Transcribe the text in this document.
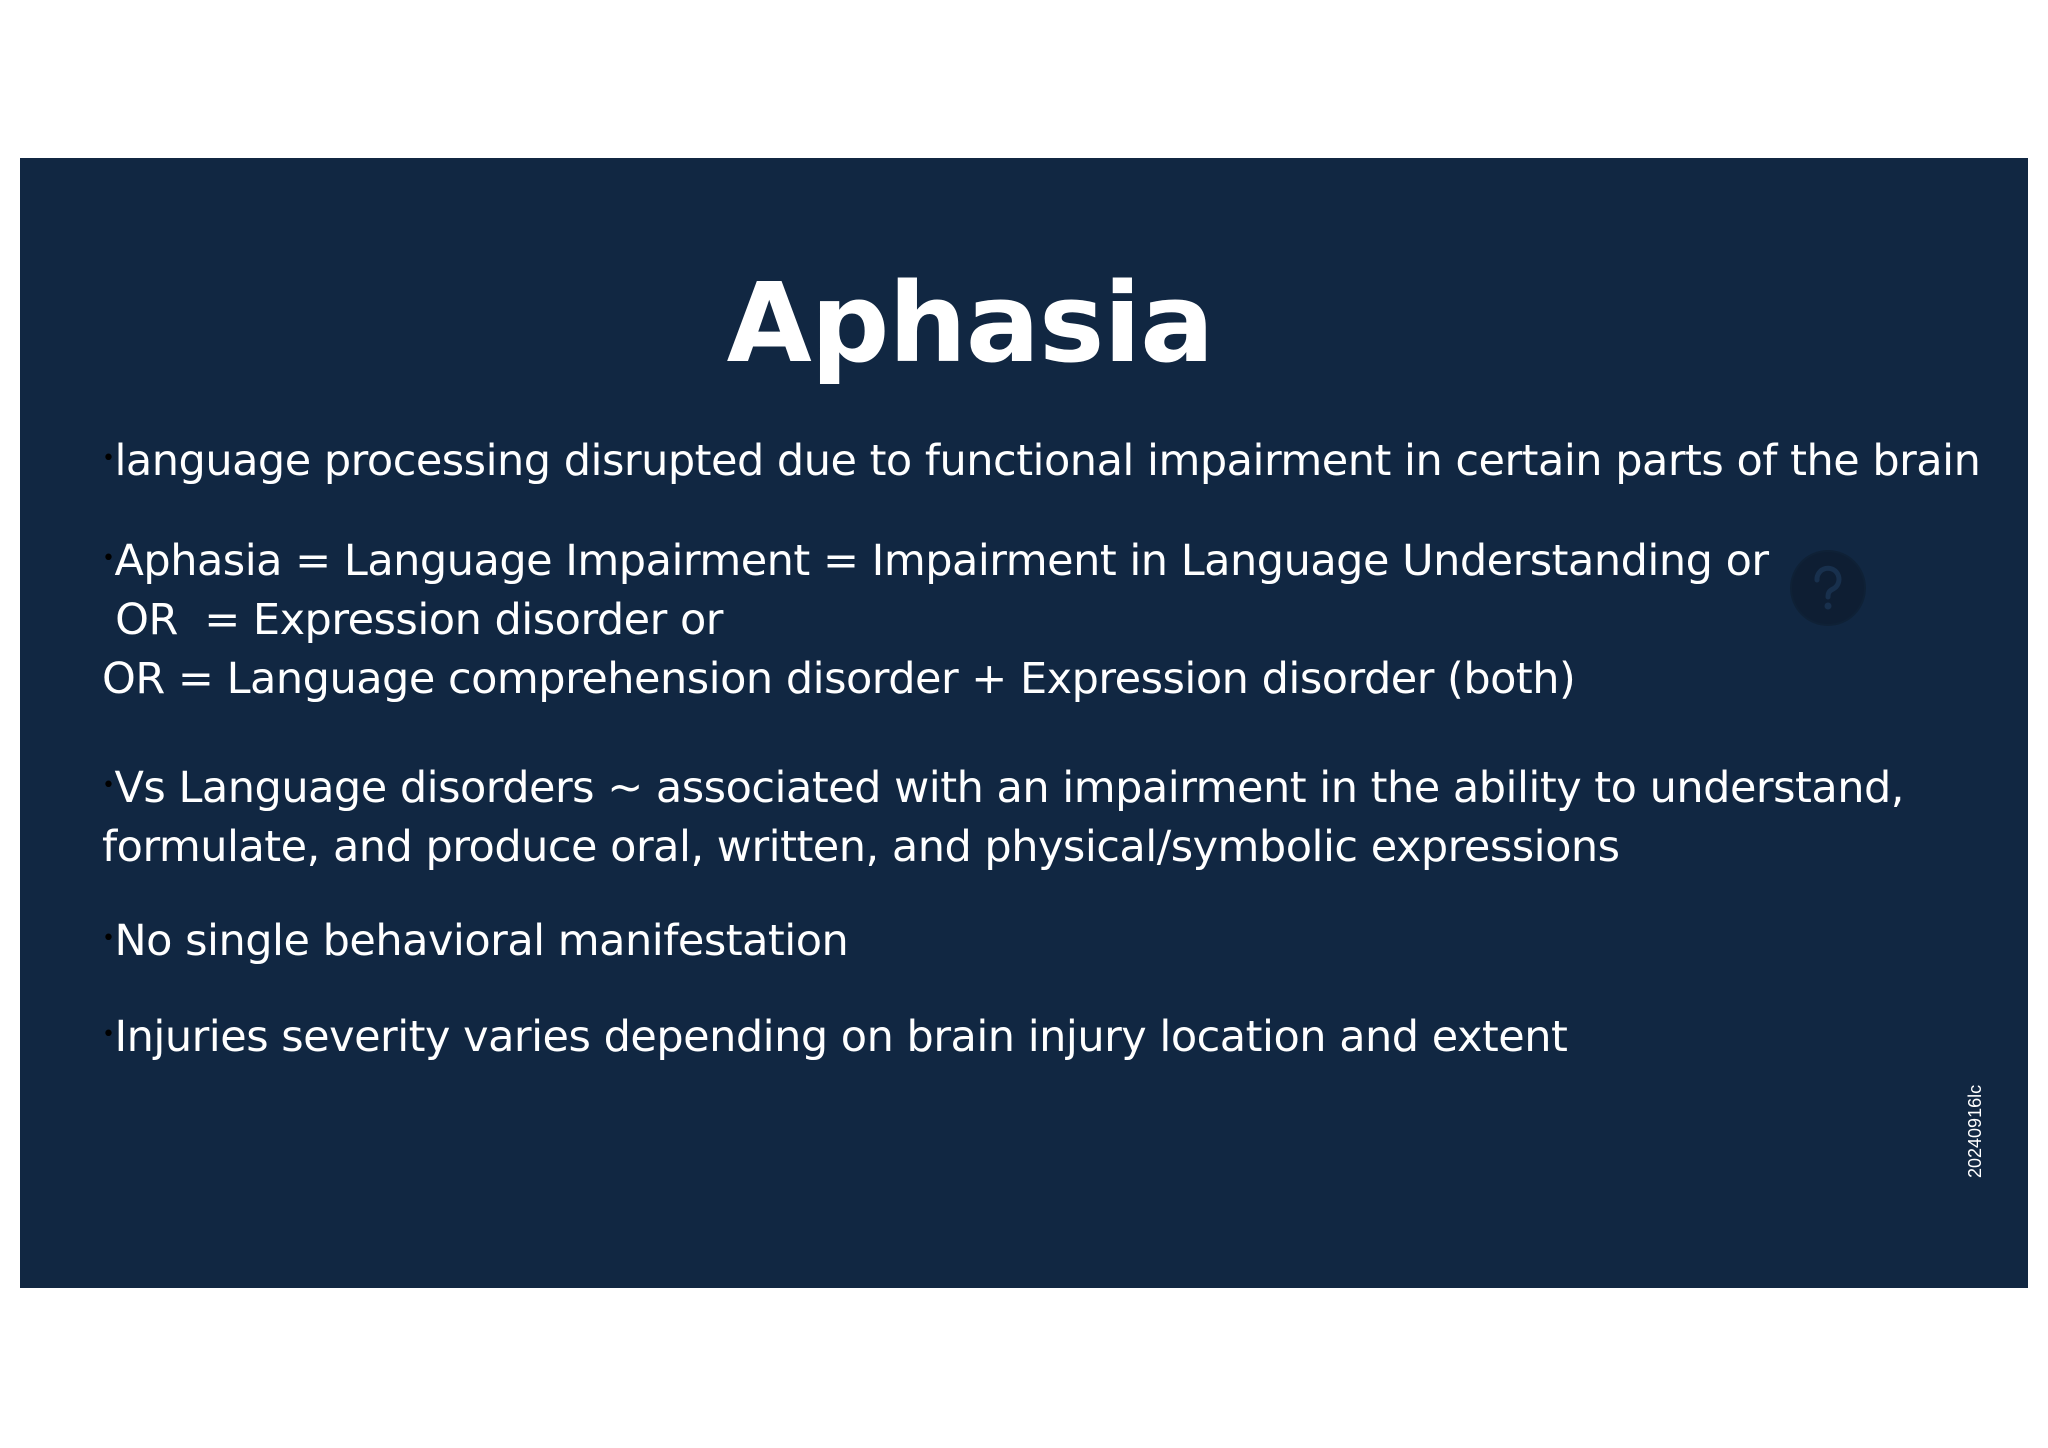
Aphasia
•language processing disrupted due to functional impairment in certain parts of the brain
•Aphasia = Language Impairment = Impairment in Language Understanding or
OR  = Expression disorder or
OR = Language comprehension disorder + Expression disorder (both)
•Vs Language disorders ~ associated with an impairment in the ability to understand,
formulate, and produce oral, written, and physical/symbolic expressions
•No single behavioral manifestation
•Injuries severity varies depending on brain injury location and extent
20240916lc
